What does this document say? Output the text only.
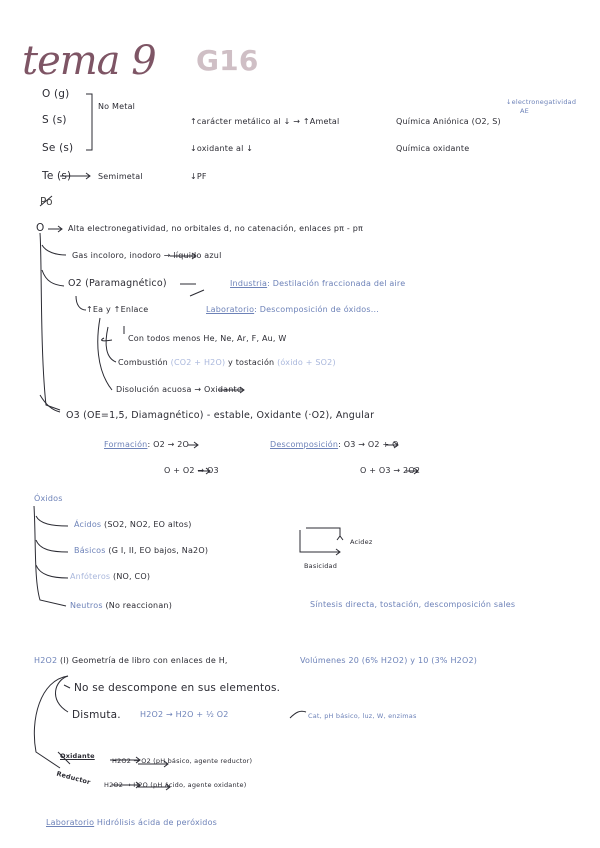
tema 9 G16
O (g)
S (s)
Se (s)
Te (s)
No Metal
Semimetal
↑carácter metálico al ↓ → ↑Ametal
↓oxidante al ↓
↓PF
Química Aniónica (O2, S)
Química oxidante
↓electronegatividad
AE
Po
O	Alta electronegatividad, no orbitales d, no catenación, enlaces pπ - pπ
Gas incoloro, inodoro → líquido azul
O2 (Paramagnético)	Industria: Destilación fraccionada del aire
Laboratorio: Descomposición de óxidos...
↑Ea y ↑Enlace
Con todos menos He, Ne, Ar, F, Au, W
Combustión (CO2 + H2O) y tostación (óxido + SO2)
Disolución acuosa → Oxidante
O3 (OE=1,5, Diamagnético) - estable, Oxidante (·O2), Angular
Formación: O2 → 2O
O + O2 → O3
Descomposición: O3 → O2 + O
O + O3 → 2O2
Óxidos
Ácidos (SO2, NO2, EO altos)
Básicos (G I, II, EO bajos, Na2O)
Anfóteros (NO, CO)
Neutros (No reaccionan)
Acidez
Basicidad
Síntesis directa, tostación, descomposición sales
H2O2 (l) Geometría de libro con enlaces de H,	Volúmenes 20 (6% H2O2) y 10 (3% H2O2)
No se descompone en sus elementos.
Dismuta. H2O2 → H2O + ½ O2	Cat, pH básico, luz, W, enzimas
Oxidante
H2O2 → O2 (pH básico, agente reductor)
Reductor H2O2 → H2O (pH ácido, agente oxidante)
Laboratorio Hidrólisis ácida de peróxidos
